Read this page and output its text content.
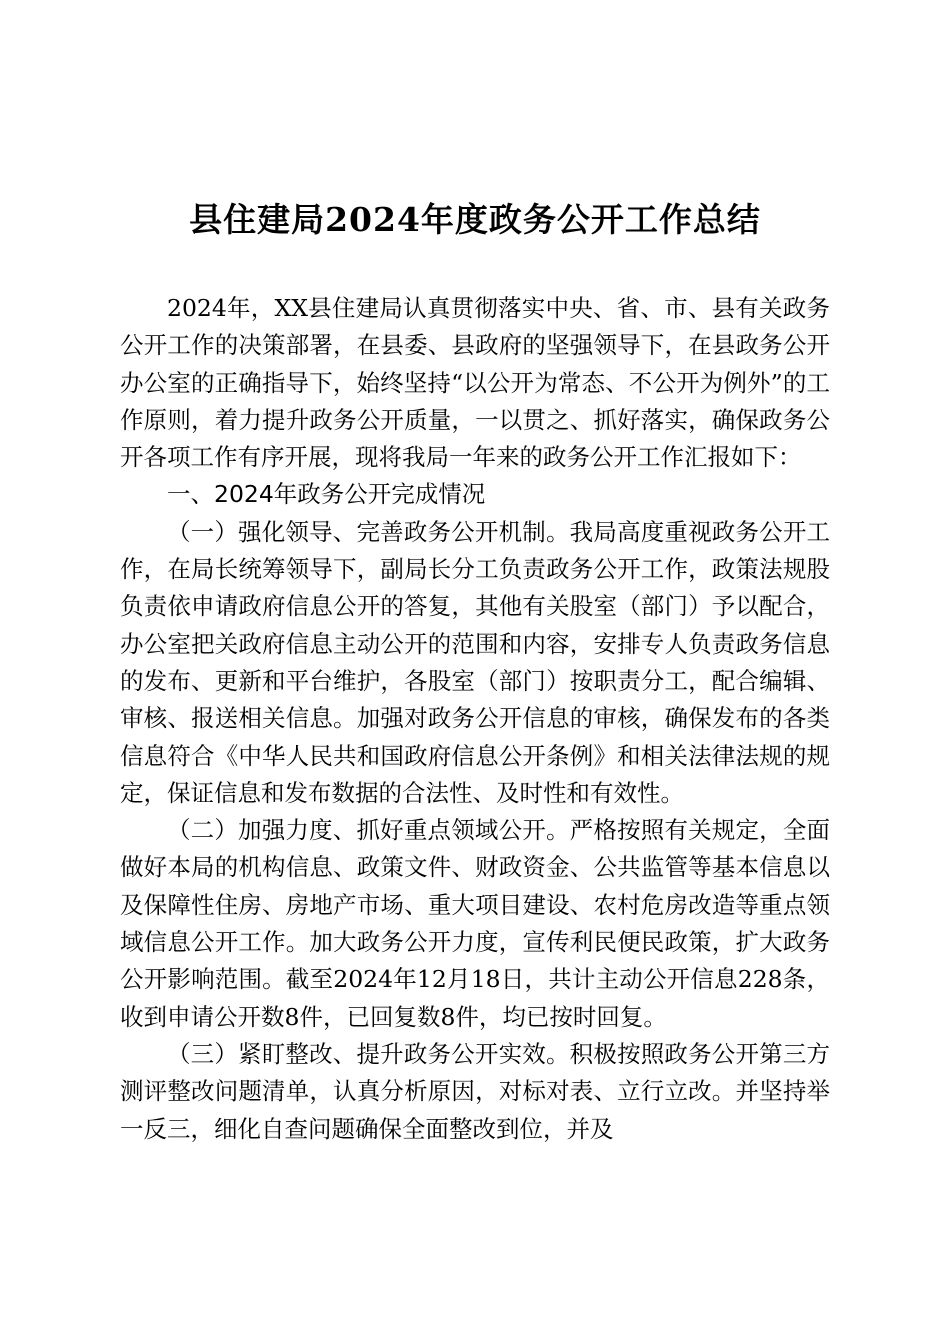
县住建局2024年度政务公开工作总结

2024年，XX县住建局认真贯彻落实中央、省、市、县有关政务公开工作的决策部署，在县委、县政府的坚强领导下，在县政务公开办公室的正确指导下，始终坚持“以公开为常态、不公开为例外”的工作原则，着力提升政务公开质量，一以贯之、抓好落实，确保政务公开各项工作有序开展，现将我局一年来的政务公开工作汇报如下：

一、2024年政务公开完成情况

（一）强化领导、完善政务公开机制。我局高度重视政务公开工作，在局长统筹领导下，副局长分工负责政务公开工作，政策法规股负责依申请政府信息公开的答复，其他有关股室（部门）予以配合，办公室把关政府信息主动公开的范围和内容，安排专人负责政务信息的发布、更新和平台维护，各股室（部门）按职责分工，配合编辑、审核、报送相关信息。加强对政务公开信息的审核，确保发布的各类信息符合《中华人民共和国政府信息公开条例》和相关法律法规的规定，保证信息和发布数据的合法性、及时性和有效性。

（二）加强力度、抓好重点领域公开。严格按照有关规定，全面做好本局的机构信息、政策文件、财政资金、公共监管等基本信息以及保障性住房、房地产市场、重大项目建设、农村危房改造等重点领域信息公开工作。加大政务公开力度，宣传利民便民政策，扩大政务公开影响范围。截至2024年12月18日，共计主动公开信息228条，收到申请公开数8件，已回复数8件，均已按时回复。

（三）紧盯整改、提升政务公开实效。积极按照政务公开第三方测评整改问题清单，认真分析原因，对标对表、立行立改。并坚持举一反三，细化自查问题确保全面整改到位，并及
